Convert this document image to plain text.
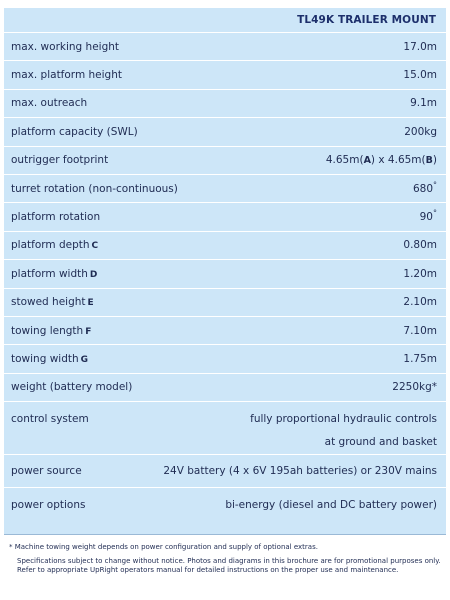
TL49K TRAILER MOUNT
max. working height	17.0m
max. platform height	15.0m
max. outreach	9.1m
platform capacity (SWL)	200kg
outrigger footprint	4.65m(A) x 4.65m(B)
turret rotation (non-continuous)	680°
platform rotation	90°
platform depth C	0.80m
platform width D	1.20m
stowed height E	2.10m
towing length F	7.10m
towing width G	1.75m
weight (battery model)	2250kg*
control system	fully proportional hydraulic controls
at ground and basket
power source	24V battery (4 x 6V 195ah batteries) or 230V mains
power options	bi-energy (diesel and DC battery power)
* Machine towing weight depends on power configuration and supply of optional extras.
Specifications subject to change without notice. Photos and diagrams in this brochure are for promotional purposes only.
Refer to appropriate UpRight operators manual for detailed instructions on the proper use and maintenance.
